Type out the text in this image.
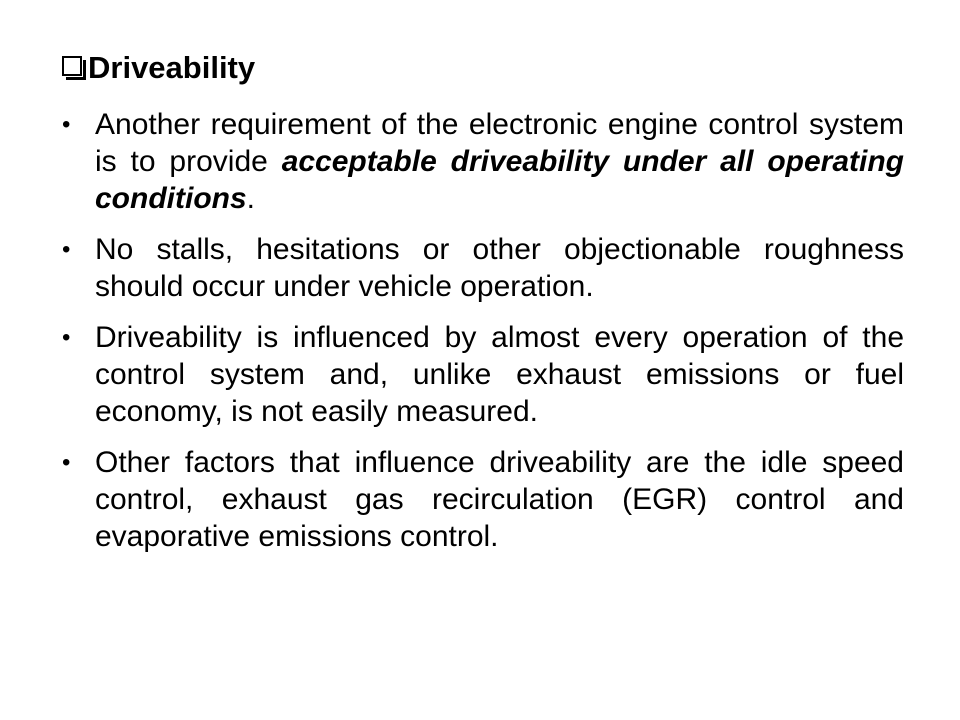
Driveability
• Another requirement of the electronic engine control system is to provide acceptable driveability under all operating conditions.
• No stalls, hesitations or other objectionable roughness should occur under vehicle operation.
• Driveability is influenced by almost every operation of the control system and, unlike exhaust emissions or fuel economy, is not easily measured.
• Other factors that influence driveability are the idle speed control, exhaust gas recirculation (EGR) control and evaporative emissions control.
